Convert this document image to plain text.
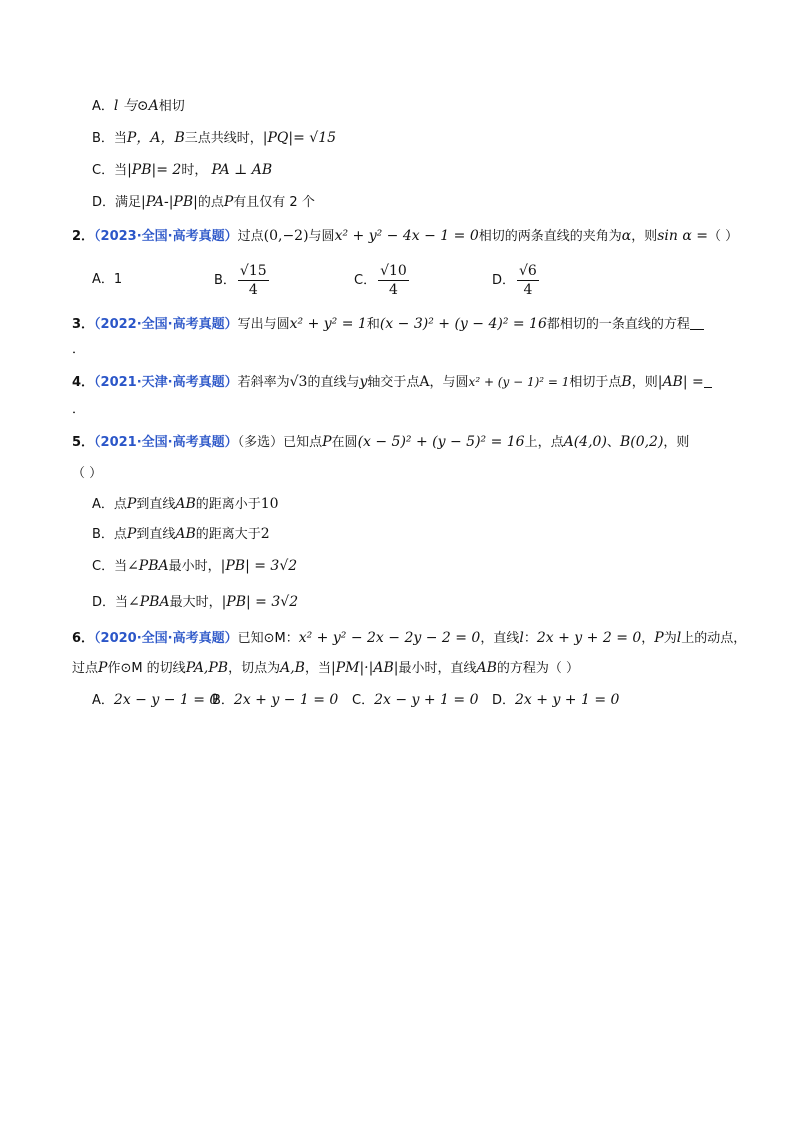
A．l 与⊙A相切
B．当P，A，B三点共线时，|PQ|= √15
C．当|PB|= 2时， PA ⊥ AB
D．满足|PA-|PB|的点P有且仅有 2 个
2．（2023·全国·高考真题）过点(0,−2)与圆x² + y² − 4x − 1 = 0相切的两条直线的夹角为α，则sin α =（ ）
A．1	B． $\frac{√15}{4}$	C． $\frac{√10}{4}$	D． $\frac{√6}{4}$
3．（2022·全国·高考真题）写出与圆x² + y² = 1和(x − 3)² + (y − 4)² = 16都相切的一条直线的方程
．
4．（2021·天津·高考真题）若斜率为√3的直线与y轴交于点A，与圆x² + (y − 1)² = 1相切于点B，则|AB| =
．
5．（2021·全国·高考真题）（多选）已知点P在圆(x − 5)² + (y − 5)² = 16上，点A(4,0)、B(0,2)，则
（ ）
A．点P到直线AB的距离小于10
B．点P到直线AB的距离大于2
C．当∠PBA最小时，|PB| = 3√2
D．当∠PBA最大时，|PB| = 3√2
6．（2020·全国·高考真题）已知⊙M：x² + y² − 2x − 2y − 2 = 0，直线l：2x + y + 2 = 0，P为l上的动点，
过点P作⊙M 的切线PA,PB，切点为A,B，当|PM|·|AB|最小时，直线AB的方程为（ ）
A．2x − y − 1 = 0
B．2x + y − 1 = 0 C．2x − y + 1 = 0 D．2x + y + 1 = 0
